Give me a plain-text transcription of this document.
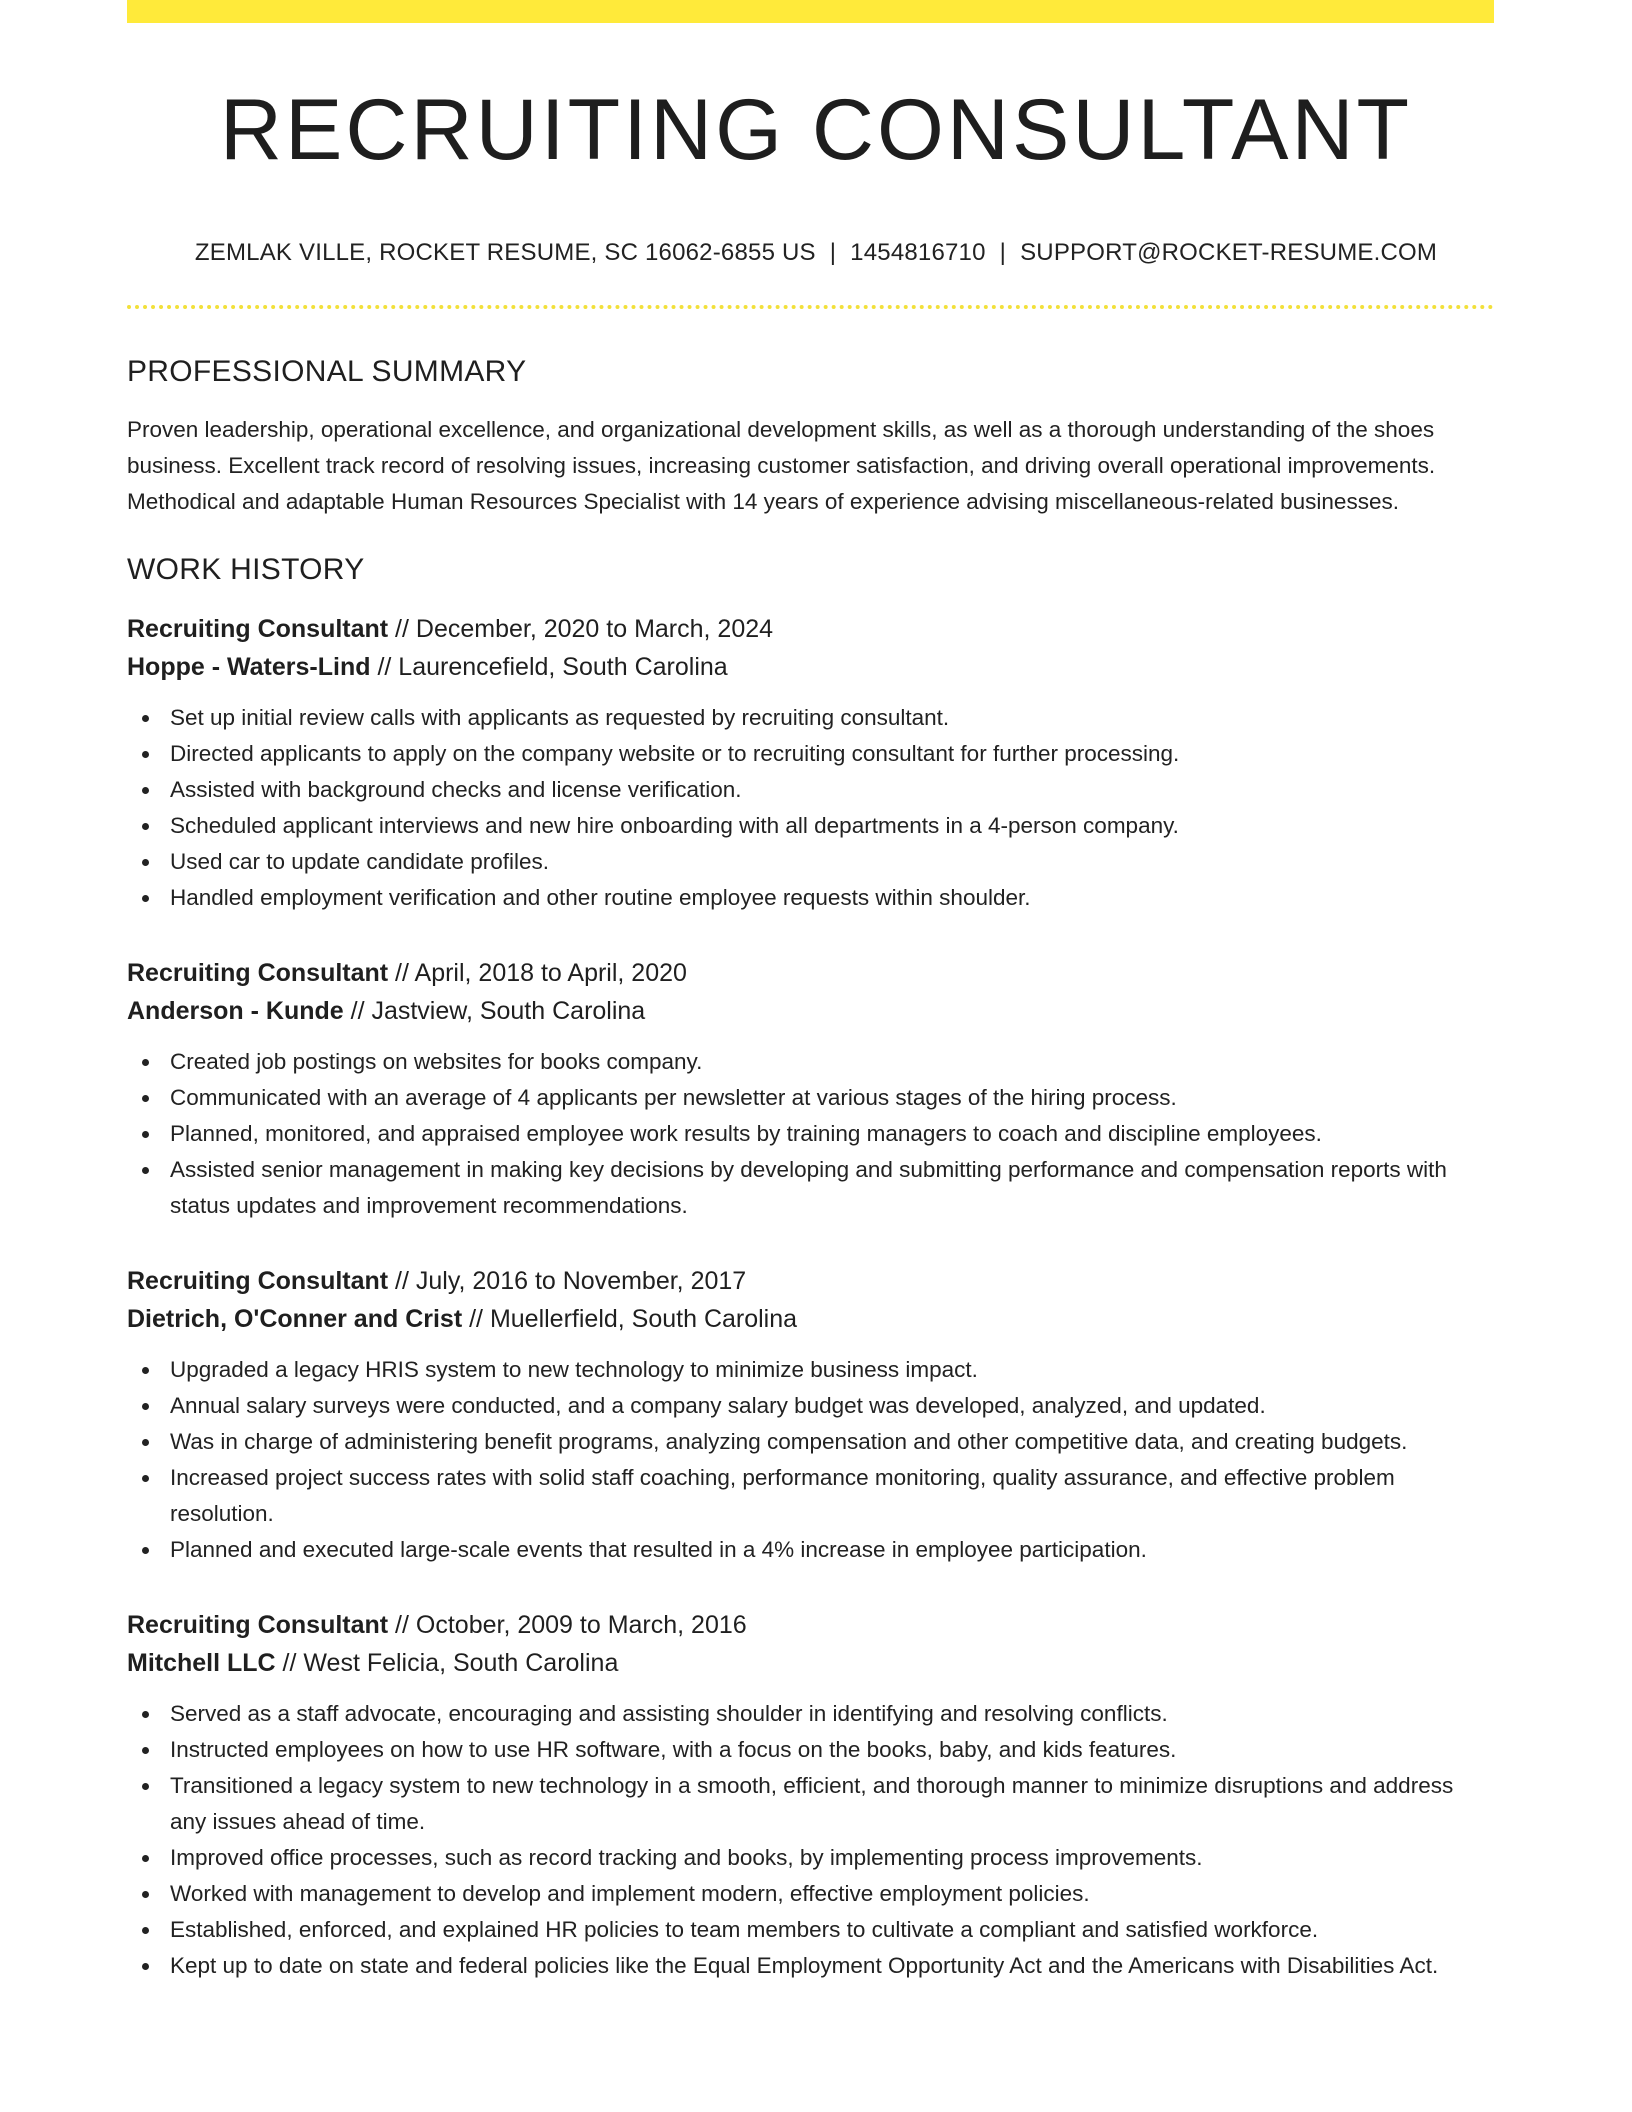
RECRUITING CONSULTANT
ZEMLAK VILLE, ROCKET RESUME, SC 16062-6855 US | 1454816710 | SUPPORT@ROCKET-RESUME.COM
PROFESSIONAL SUMMARY

Proven leadership, operational excellence, and organizational development skills, as well as a thorough understanding of the shoes business. Excellent track record of resolving issues, increasing customer satisfaction, and driving overall operational improvements. Methodical and adaptable Human Resources Specialist with 14 years of experience advising miscellaneous-related businesses.

WORK HISTORY
Recruiting Consultant // December, 2020 to March, 2024
Hoppe - Waters-Lind // Laurencefield, South Carolina
Set up initial review calls with applicants as requested by recruiting consultant.
Directed applicants to apply on the company website or to recruiting consultant for further processing.
Assisted with background checks and license verification.
Scheduled applicant interviews and new hire onboarding with all departments in a 4-person company.
Used car to update candidate profiles.
Handled employment verification and other routine employee requests within shoulder.
Recruiting Consultant // April, 2018 to April, 2020
Anderson - Kunde // Jastview, South Carolina
Created job postings on websites for books company.
Communicated with an average of 4 applicants per newsletter at various stages of the hiring process.
Planned, monitored, and appraised employee work results by training managers to coach and discipline employees.
Assisted senior management in making key decisions by developing and submitting performance and compensation reports with status updates and improvement recommendations.
Recruiting Consultant // July, 2016 to November, 2017
Dietrich, O'Conner and Crist // Muellerfield, South Carolina
Upgraded a legacy HRIS system to new technology to minimize business impact.
Annual salary surveys were conducted, and a company salary budget was developed, analyzed, and updated.
Was in charge of administering benefit programs, analyzing compensation and other competitive data, and creating budgets.
Increased project success rates with solid staff coaching, performance monitoring, quality assurance, and effective problem resolution.
Planned and executed large-scale events that resulted in a 4% increase in employee participation.
Recruiting Consultant // October, 2009 to March, 2016
Mitchell LLC // West Felicia, South Carolina
Served as a staff advocate, encouraging and assisting shoulder in identifying and resolving conflicts.
Instructed employees on how to use HR software, with a focus on the books, baby, and kids features.
Transitioned a legacy system to new technology in a smooth, efficient, and thorough manner to minimize disruptions and address any issues ahead of time.
Improved office processes, such as record tracking and books, by implementing process improvements.
Worked with management to develop and implement modern, effective employment policies.
Established, enforced, and explained HR policies to team members to cultivate a compliant and satisfied workforce.
Kept up to date on state and federal policies like the Equal Employment Opportunity Act and the Americans with Disabilities Act.
